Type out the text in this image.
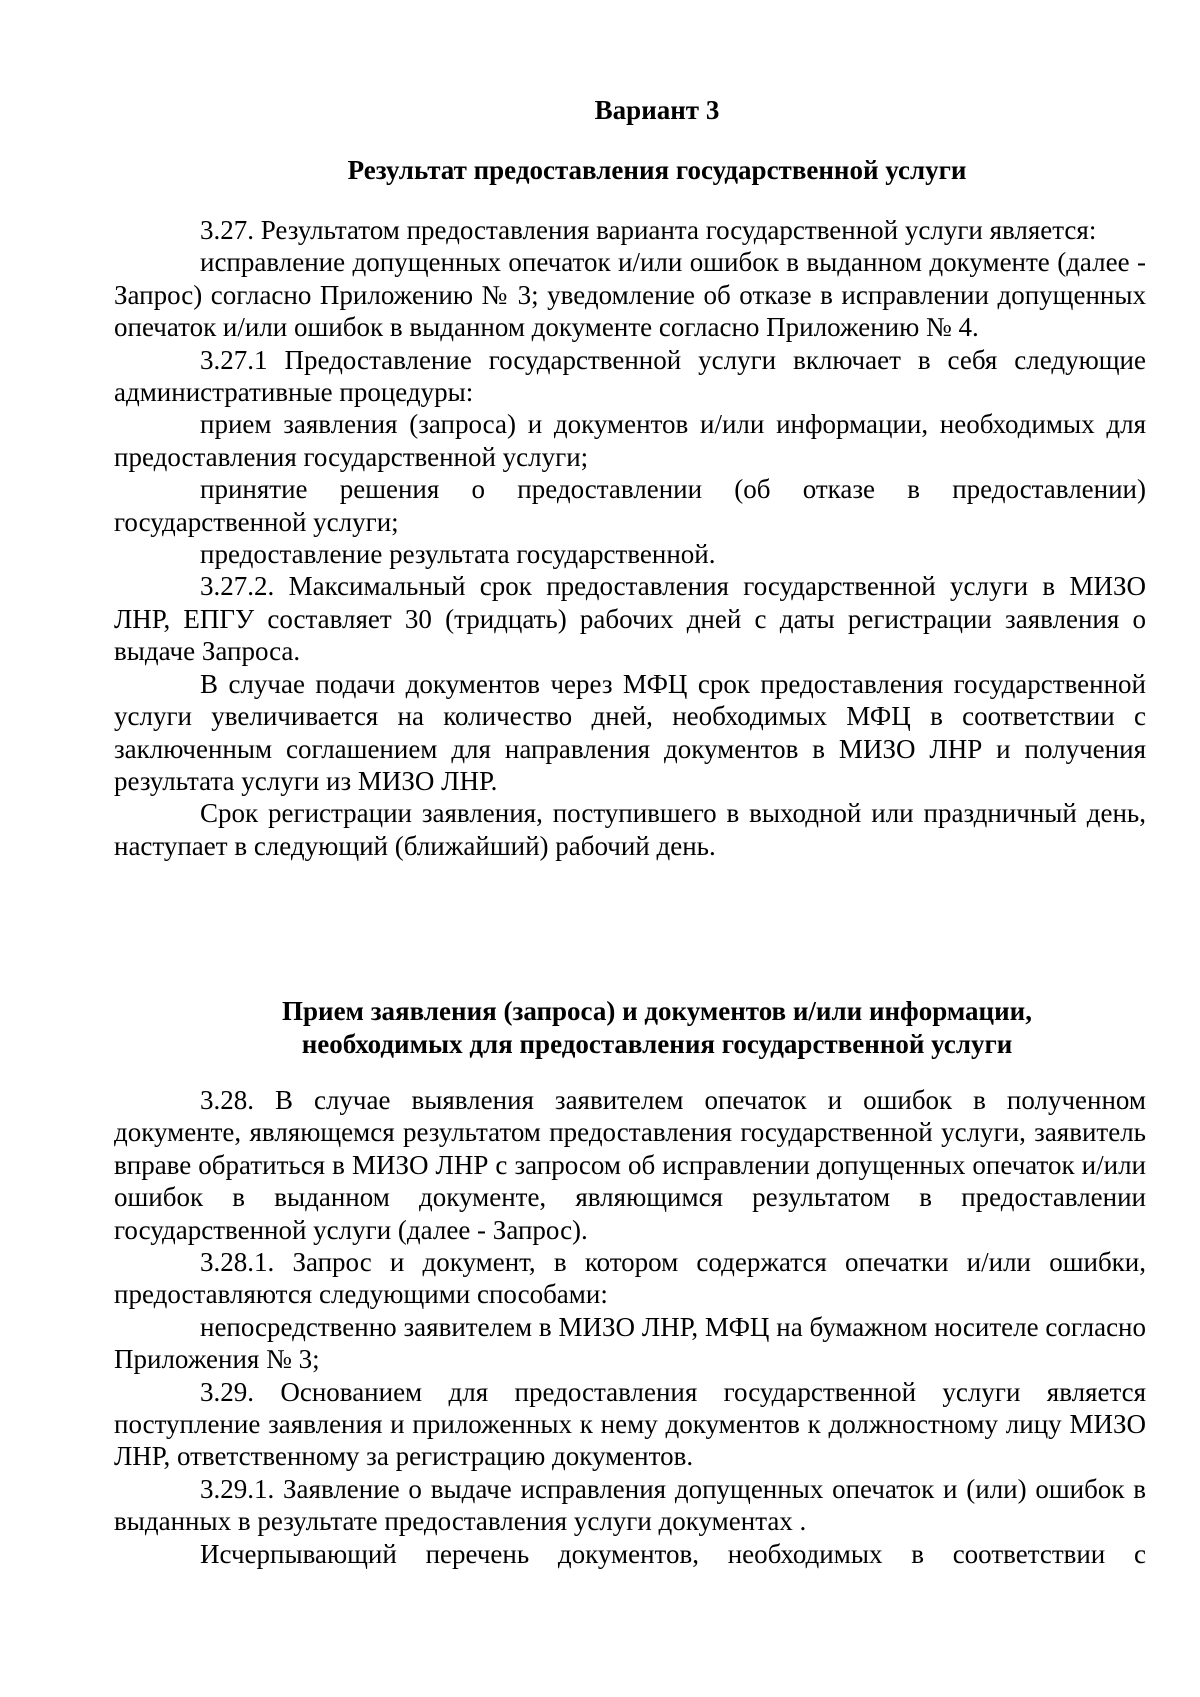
Вариант 3
Результат предоставления государственной услуги

3.27. Результатом предоставления варианта государственной услуги является:

исправление допущенных опечаток и/или ошибок в выданном документе (далее - Запрос) согласно Приложению № 3; уведомление об отказе в исправлении допущенных опечаток и/или ошибок в выданном документе согласно Приложению № 4.

3.27.1 Предоставление государственной услуги включает в себя следующие административные процедуры:

прием заявления (запроса) и документов и/или информации, необходимых для предоставления государственной услуги;

принятие решения о предоставлении (об отказе в предоставлении) государственной услуги;

предоставление результата государственной.

3.27.2. Максимальный срок предоставления государственной услуги в МИЗО ЛНР, ЕПГУ составляет 30 (тридцать) рабочих дней с даты регистрации заявления о выдаче Запроса.

В случае подачи документов через МФЦ срок предоставления государственной услуги увеличивается на количество дней, необходимых МФЦ в соответствии с заключенным соглашением для направления документов в МИЗО ЛНР и получения результата услуги из МИЗО ЛНР.

Срок регистрации заявления, поступившего в выходной или праздничный день, наступает в следующий (ближайший) рабочий день.

Прием заявления (запроса) и документов и/или информации,
необходимых для предоставления государственной услуги

3.28. В случае выявления заявителем опечаток и ошибок в полученном документе, являющемся результатом предоставления государственной услуги, заявитель вправе обратиться в МИЗО ЛНР с запросом об исправлении допущенных опечаток и/или ошибок в выданном документе, являющимся результатом в предоставлении государственной услуги (далее - Запрос).

3.28.1. Запрос и документ, в котором содержатся опечатки и/или ошибки, предоставляются следующими способами:

непосредственно заявителем в МИЗО ЛНР, МФЦ на бумажном носителе согласно Приложения № 3;

3.29. Основанием для предоставления государственной услуги является поступление заявления и приложенных к нему документов к должностному лицу МИЗО ЛНР, ответственному за регистрацию документов.

3.29.1. Заявление о выдаче исправления допущенных опечаток и (или) ошибок в выданных в результате предоставления услуги документах .

Исчерпывающий перечень документов, необходимых в соответствии с
